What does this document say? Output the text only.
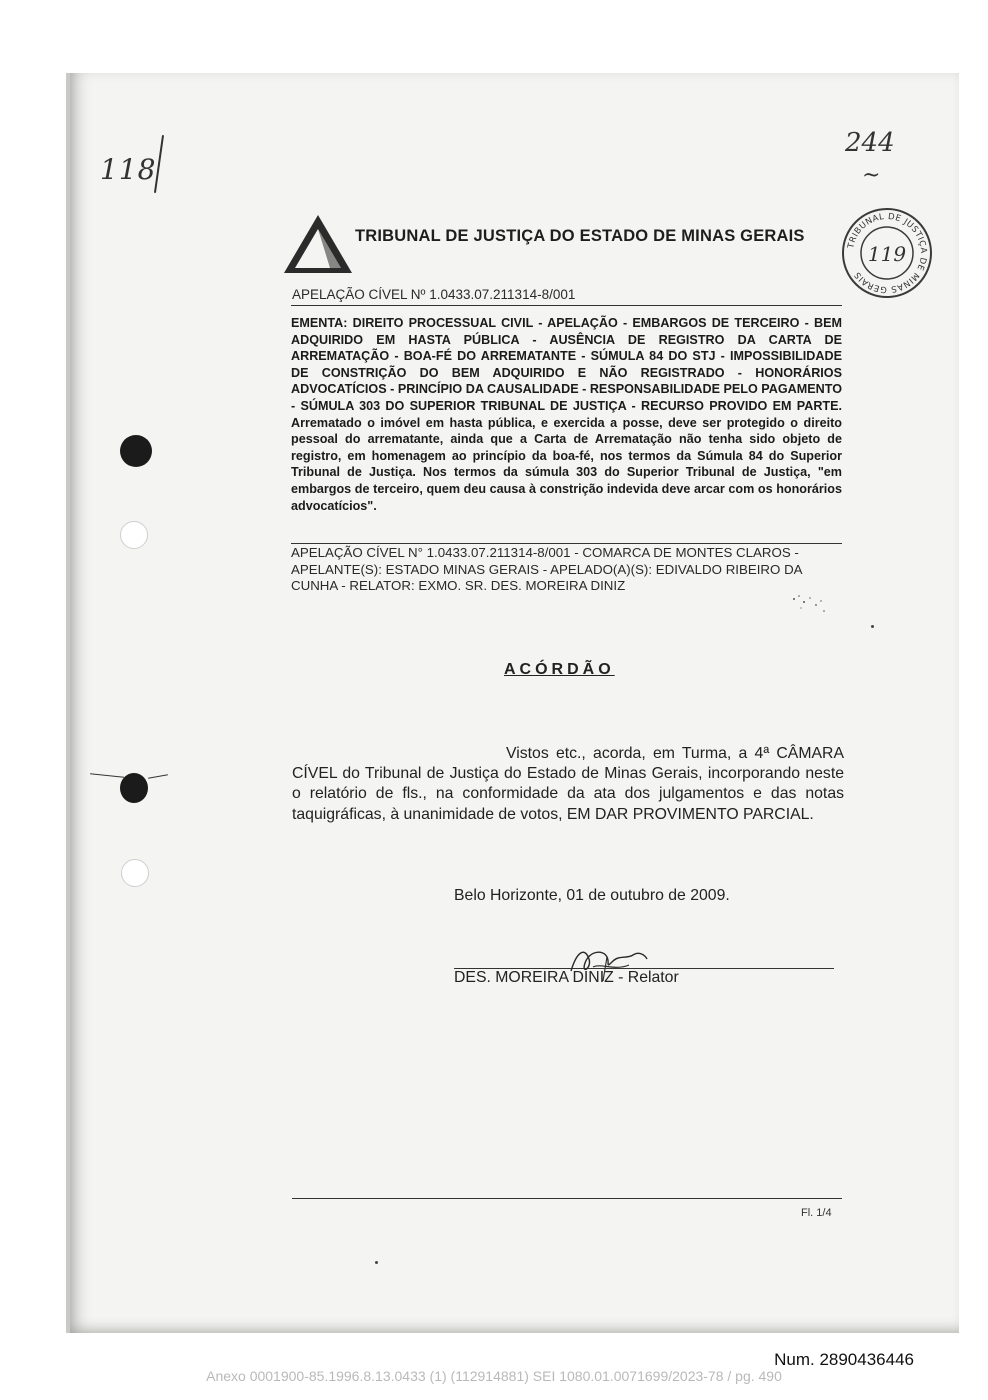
118
244
~
TRIBUNAL DE JUSTIÇA DO ESTADO DE MINAS GERAIS
TRIBUNAL DE JUSTIÇA DE MINAS GERAIS
119
APELAÇÃO CÍVEL Nº 1.0433.07.211314-8/001
EMENTA: DIREITO PROCESSUAL CIVIL - APELAÇÃO - EMBARGOS DE TERCEIRO - BEM ADQUIRIDO EM HASTA PÚBLICA - AUSÊNCIA DE REGISTRO DA CARTA DE ARREMATAÇÃO - BOA-FÉ DO ARREMATANTE - SÚMULA 84 DO STJ - IMPOSSIBILIDADE DE CONSTRIÇÃO DO BEM ADQUIRIDO E NÃO REGISTRADO - HONORÁRIOS ADVOCATÍCIOS - PRINCÍPIO DA CAUSALIDADE - RESPONSABILIDADE PELO PAGAMENTO - SÚMULA 303 DO SUPERIOR TRIBUNAL DE JUSTIÇA - RECURSO PROVIDO EM PARTE. Arrematado o imóvel em hasta pública, e exercida a posse, deve ser protegido o direito pessoal do arrematante, ainda que a Carta de Arrematação não tenha sido objeto de registro, em homenagem ao princípio da boa-fé, nos termos da Súmula 84 do Superior Tribunal de Justiça. Nos termos da súmula 303 do Superior Tribunal de Justiça, "em embargos de terceiro, quem deu causa à constrição indevida deve arcar com os honorários advocatícios".
APELAÇÃO CÍVEL N° 1.0433.07.211314-8/001 - COMARCA DE MONTES CLAROS - APELANTE(S): ESTADO MINAS GERAIS - APELADO(A)(S): EDIVALDO RIBEIRO DA CUNHA - RELATOR: EXMO. SR. DES. MOREIRA DINIZ
ACÓRDÃO
Vistos etc., acorda, em Turma, a 4ª CÂMARA CÍVEL do Tribunal de Justiça do Estado de Minas Gerais, incorporando neste o relatório de fls., na conformidade da ata dos julgamentos e das notas taquigráficas, à unanimidade de votos, EM DAR PROVIMENTO PARCIAL.
Belo Horizonte, 01 de outubro de 2009.
DES. MOREIRA DINIZ - Relator
Fl. 1/4
Num. 2890436446
Anexo 0001900-85.1996.8.13.0433 (1) (112914881) SEI 1080.01.0071699/2023-78 / pg. 490
